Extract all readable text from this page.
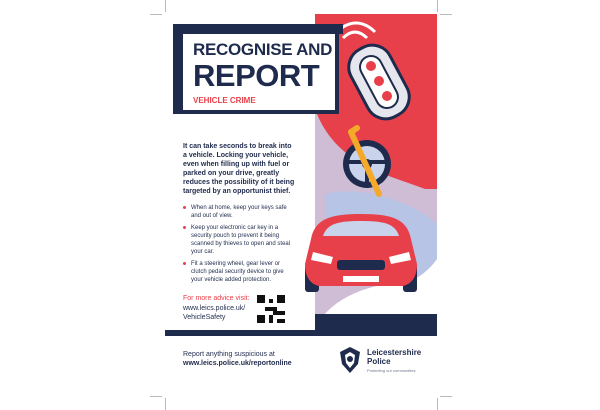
RECOGNISE AND
REPORT
VEHICLE CRIME
It can take seconds to break into a vehicle. Locking your vehicle, even when filling up with fuel or parked on your drive, greatly reduces the possibility of it being targeted by an opportunist thief.
When at home, keep your keys safe and out of view.
Keep your electronic car key in a security pouch to prevent it being scanned by thieves to open and steal your car.
Fit a steering wheel, gear lever or clutch pedal security device to give your vehicle added protection.
For more advice visit:
www.leics.police.uk/ VehicleSafety
Report anything suspicious at
www.leics.police.uk/reportonline
Leicestershire Police
Protecting our communities
